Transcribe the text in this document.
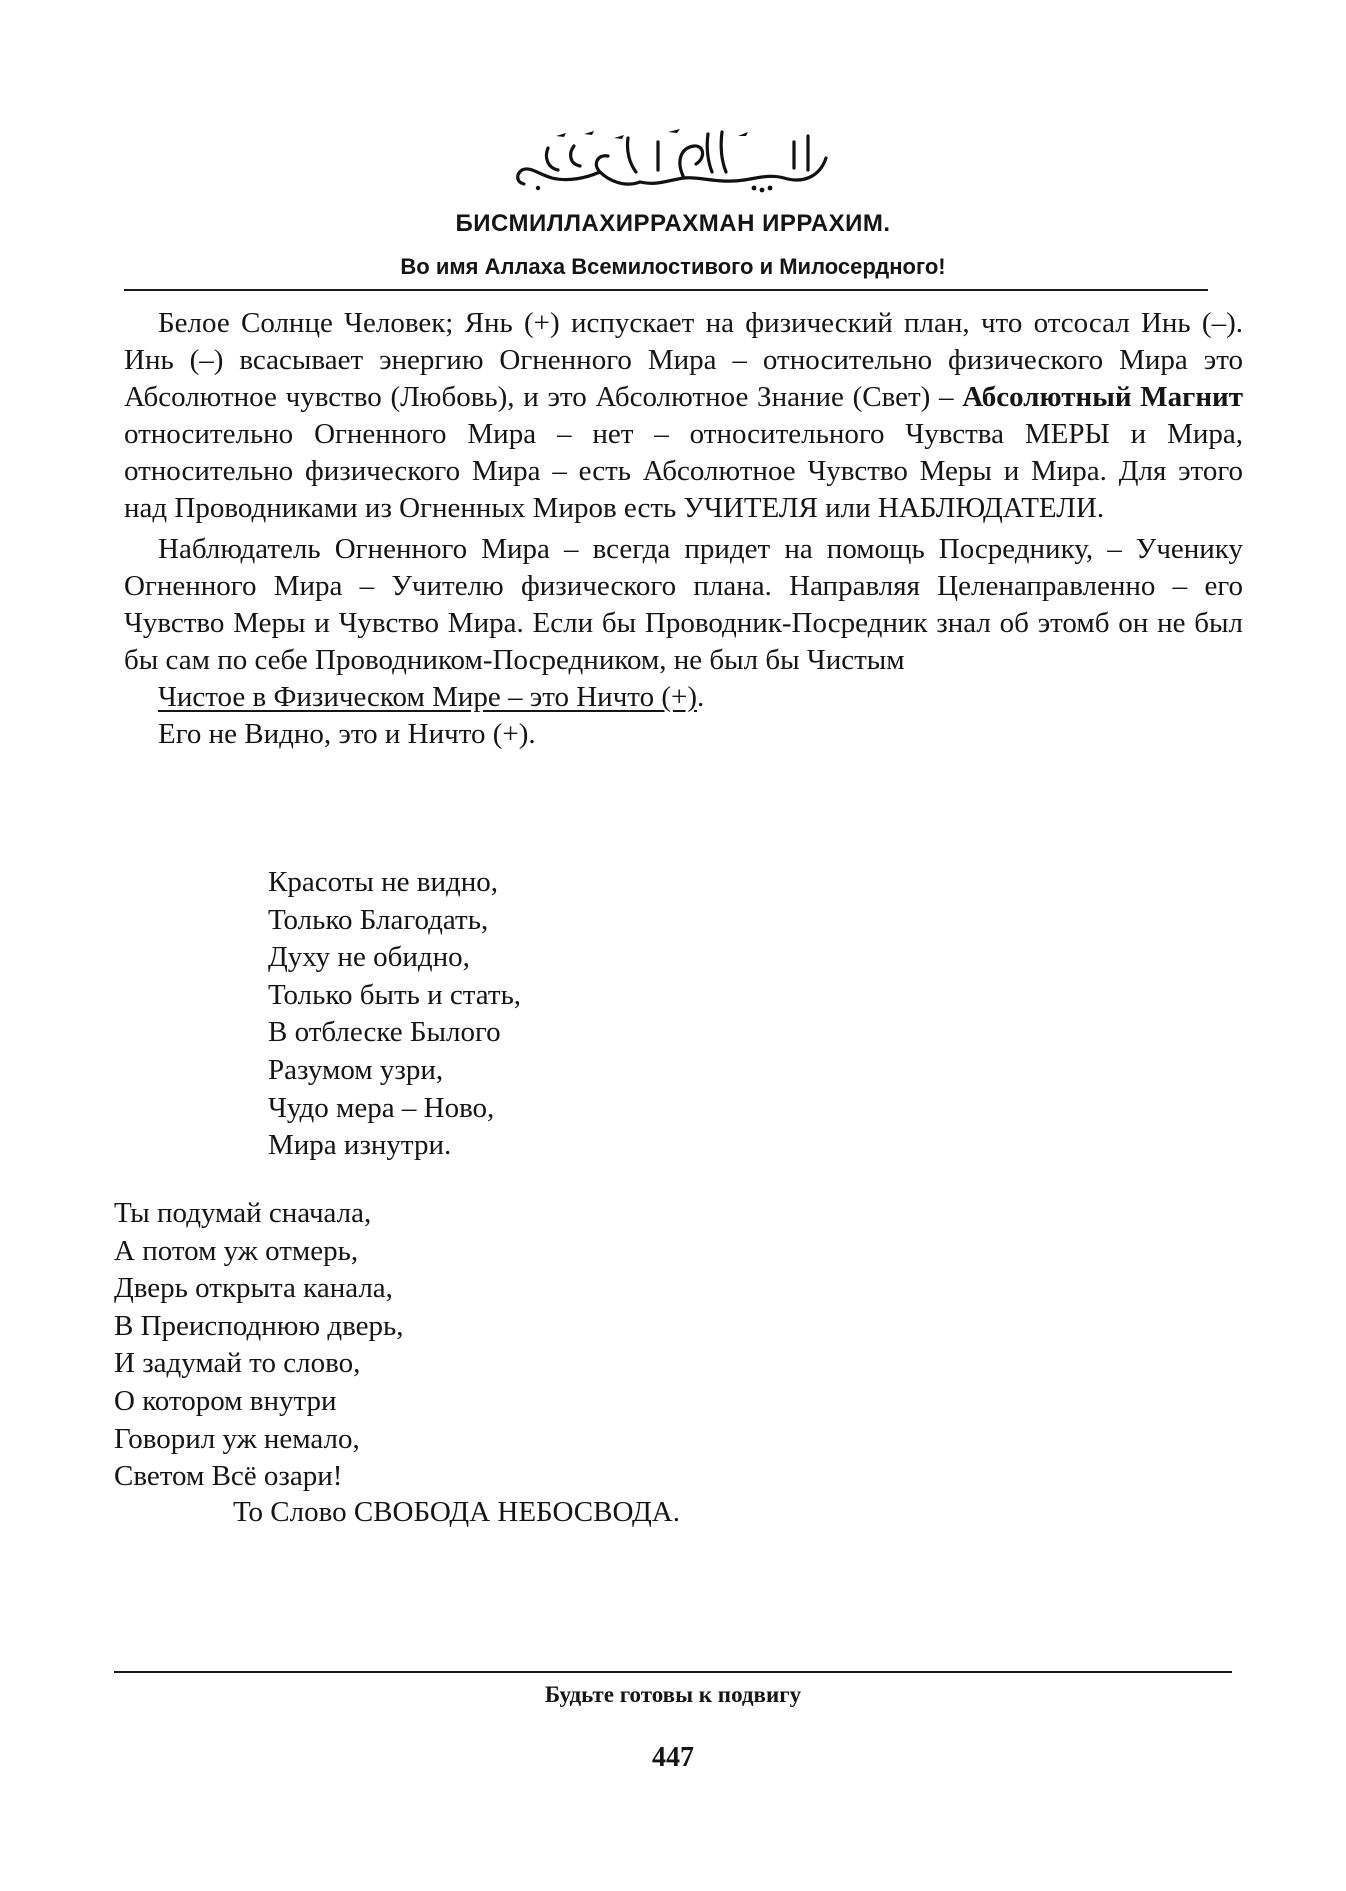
БИСМИЛЛАХИРРАХМАН ИРРАХИМ.
Во имя Аллаха Всемилостивого и Милосердного!

Белое Солнце Человек; Янь (+) испускает на физический план, что отсосал Инь (–). Инь (–) всасывает энергию Огненного Мира – относительно физического Мира это Абсолютное чувство (Любовь), и это Абсолютное Знание (Свет) – Абсолютный Магнит относительно Огненного Мира – нет – относительного Чувства МЕРЫ и Мира, относительно физического Мира – есть Абсолютное Чувство Меры и Мира. Для этого над Проводниками из Огненных Миров есть УЧИТЕЛЯ или НАБЛЮДАТЕЛИ.

Наблюдатель Огненного Мира – всегда придет на помощь Посреднику, – Ученику Огненного Мира – Учителю физического плана. Направляя Целенаправленно – его Чувство Меры и Чувство Мира. Если бы Проводник-Посредник знал об этомб он не был бы сам по себе Проводником-Посредником, не был бы Чистым

Чистое в Физическом Мире – это Ничто (+).

Его не Видно, это и Ничто (+).

Красоты не видно,
Только Благодать,
Духу не обидно,
Только быть и стать,
В отблеске Былого
Разумом узри,
Чудо мера – Ново,
Мира изнутри.
Ты подумай сначала,
А потом уж отмерь,
Дверь открыта канала,
В Преисподнюю дверь,
И задумай то слово,
О котором внутри
Говорил уж немало,
Светом Всё озари!
То Слово СВОБОДА НЕБОСВОДА.
Будьте готовы к подвигу
447
